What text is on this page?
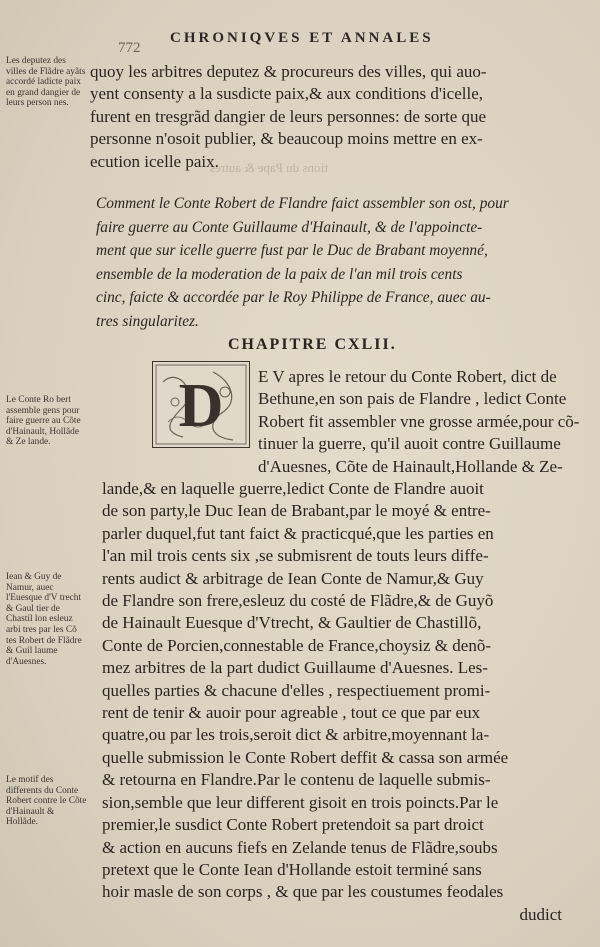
772
CHRONIQVES ET ANNALES
tions du Pape & autres
Les deputez des villes de Flãdre ayãts accordé ladicte paix en grand dangier de leurs person nes.
Le Conte Ro bert assemble gens pour faire guerre au Cõte d'Hainault, Hollãde & Ze lande.
Iean & Guy de Namur, auec l'Euesque d'V trecht & Gaul tier de Chastil lon esleuz arbi tres par les Cõ tes Robert de Flãdre & Guil laume d'Auesnes.
Le motif des differents du Conte Robert contre le Cõte d'Hainault & Hollãde.
quoy les arbitres deputez & procureurs des villes, qui auo-
yent consenty a la susdicte paix,& aux conditions d'icelle,
furent en tresgrãd dangier de leurs personnes: de sorte que
personne n'osoit publier, & beaucoup moins mettre en ex-
ecution icelle paix.
Comment le Conte Robert de Flandre faict assembler son ost, pour
faire guerre au Conte Guillaume d'Hainault, & de l'appoincte-
ment que sur icelle guerre fust par le Duc de Brabant moyenné,
ensemble de la moderation de la paix de l'an mil trois cents
cinc, faicte & accordée par le Roy Philippe de France, auec au-
tres singularitez.
CHAPITRE CXLII.
D E V apres le retour du Conte Robert, dict de
Bethune,en son pais de Flandre , ledict Conte
Robert fit assembler vne grosse armée,pour cõ-
tinuer la guerre, qu'il auoit contre Guillaume
d'Auesnes, Cõte de Hainault,Hollande & Ze-
lande,& en laquelle guerre,ledict Conte de Flandre auoit
de son party,le Duc Iean de Brabant,par le moyé & entre-
parler duquel,fut tant faict & practicqué,que les parties en
l'an mil trois cents six ,se submisrent de touts leurs diffe-
rents audict & arbitrage de Iean Conte de Namur,& Guy
de Flandre son frere,esleuz du costé de Flãdre,& de Guyõ
de Hainault Euesque d'Vtrecht, & Gaultier de Chastillõ,
Conte de Porcien,connestable de France,choysiz & denõ-
mez arbitres de la part dudict Guillaume d'Auesnes. Les-
quelles parties & chacune d'elles , respectiuement promi-
rent de tenir & auoir pour agreable , tout ce que par eux
quatre,ou par les trois,seroit dict & arbitre,moyennant la-
quelle submission le Conte Robert deffit & cassa son armée
& retourna en Flandre.Par le contenu de laquelle submis-
sion,semble que leur different gisoit en trois poincts.Par le
premier,le susdict Conte Robert pretendoit sa part droict
& action en aucuns fiefs en Zelande tenus de Flãdre,soubs
pretext que le Conte Iean d'Hollande estoit terminé sans
hoir masle de son corps , & que par les coustumes feodales
dudict
